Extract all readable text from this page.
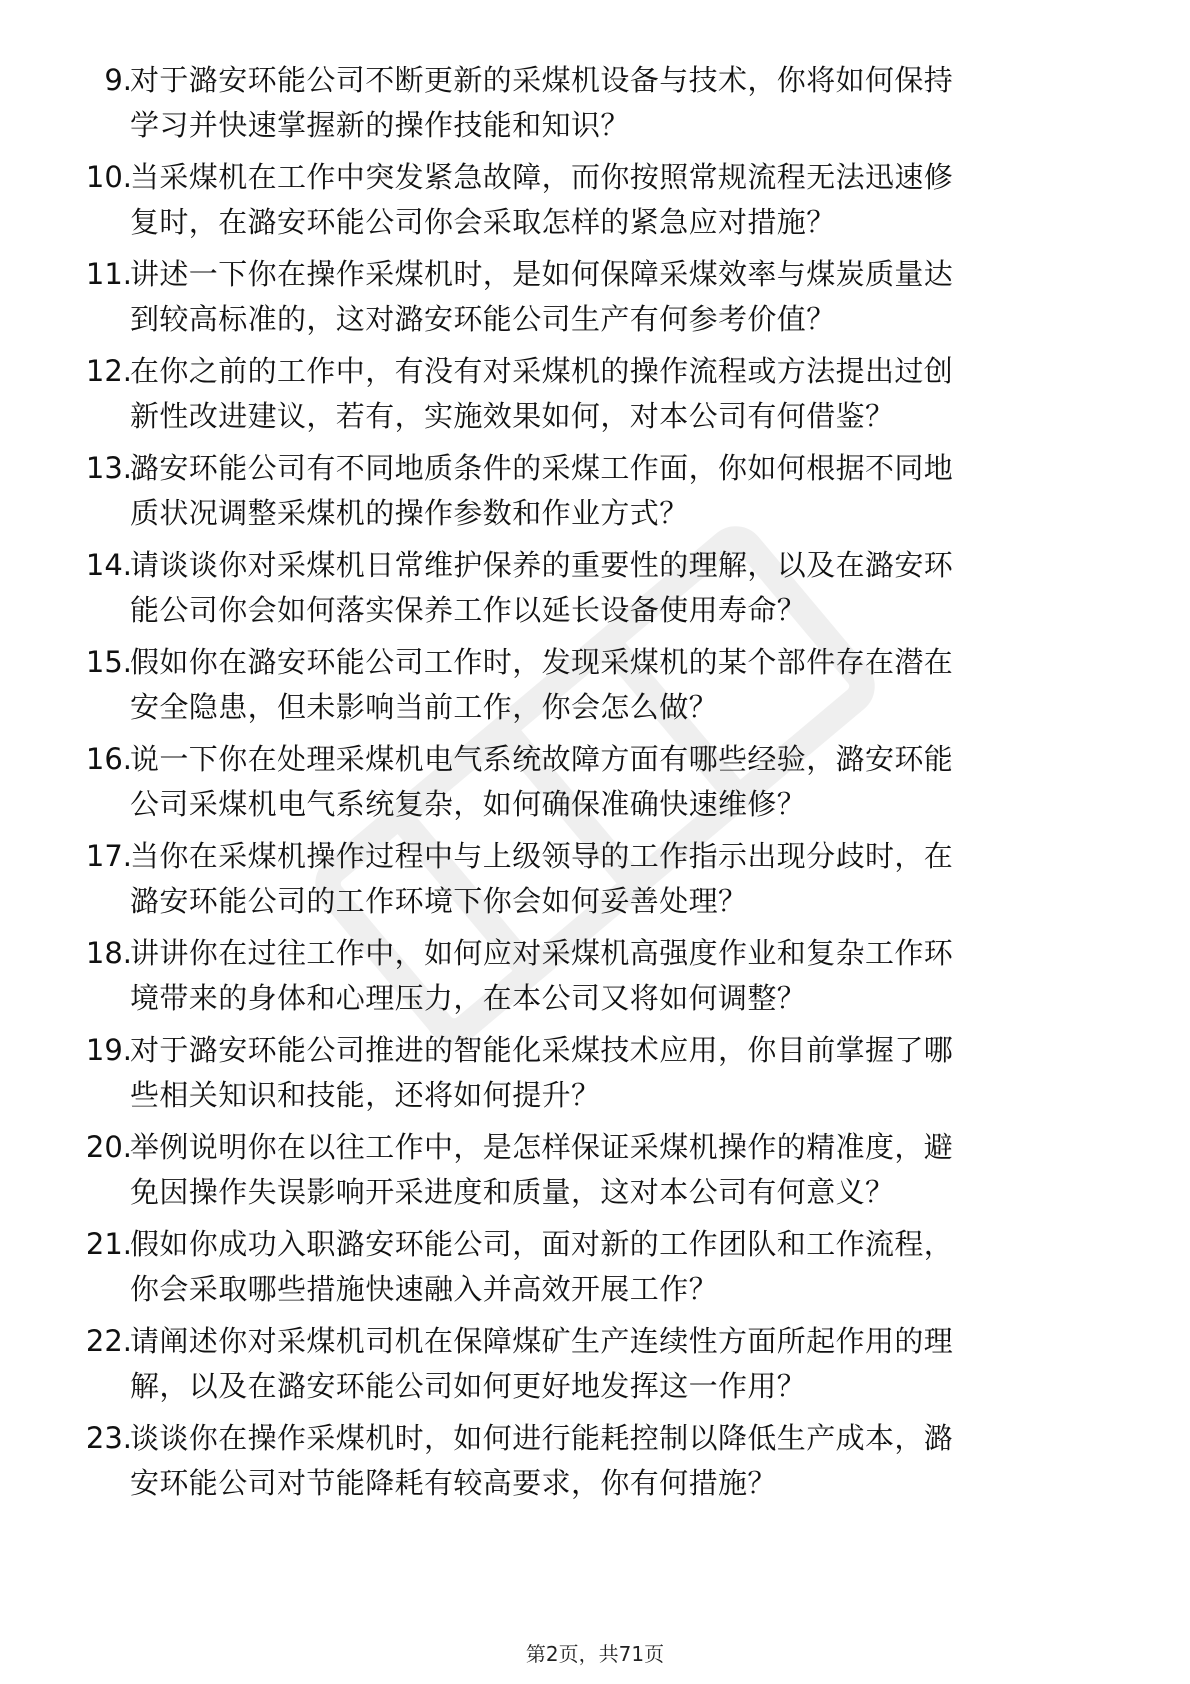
9.
对于潞安环能公司不断更新的采煤机设备与技术，你将如何保持
学习并快速掌握新的操作技能和知识？
10.
当采煤机在工作中突发紧急故障，而你按照常规流程无法迅速修
复时，在潞安环能公司你会采取怎样的紧急应对措施？
11.
讲述一下你在操作采煤机时，是如何保障采煤效率与煤炭质量达
到较高标准的，这对潞安环能公司生产有何参考价值？
12.
在你之前的工作中，有没有对采煤机的操作流程或方法提出过创
新性改进建议，若有，实施效果如何，对本公司有何借鉴？
13.
潞安环能公司有不同地质条件的采煤工作面，你如何根据不同地
质状况调整采煤机的操作参数和作业方式？
14.
请谈谈你对采煤机日常维护保养的重要性的理解，以及在潞安环
能公司你会如何落实保养工作以延长设备使用寿命？
15.
假如你在潞安环能公司工作时，发现采煤机的某个部件存在潜在
安全隐患，但未影响当前工作，你会怎么做？
16.
说一下你在处理采煤机电气系统故障方面有哪些经验，潞安环能
公司采煤机电气系统复杂，如何确保准确快速维修？
17.
当你在采煤机操作过程中与上级领导的工作指示出现分歧时，在
潞安环能公司的工作环境下你会如何妥善处理？
18.
讲讲你在过往工作中，如何应对采煤机高强度作业和复杂工作环
境带来的身体和心理压力，在本公司又将如何调整？
19.
对于潞安环能公司推进的智能化采煤技术应用，你目前掌握了哪
些相关知识和技能，还将如何提升？
20.
举例说明你在以往工作中，是怎样保证采煤机操作的精准度，避
免因操作失误影响开采进度和质量，这对本公司有何意义？
21.
假如你成功入职潞安环能公司，面对新的工作团队和工作流程，
你会采取哪些措施快速融入并高效开展工作？
22.
请阐述你对采煤机司机在保障煤矿生产连续性方面所起作用的理
解，以及在潞安环能公司如何更好地发挥这一作用？
23.
谈谈你在操作采煤机时，如何进行能耗控制以降低生产成本，潞
安环能公司对节能降耗有较高要求，你有何措施？
第2页，共71页
